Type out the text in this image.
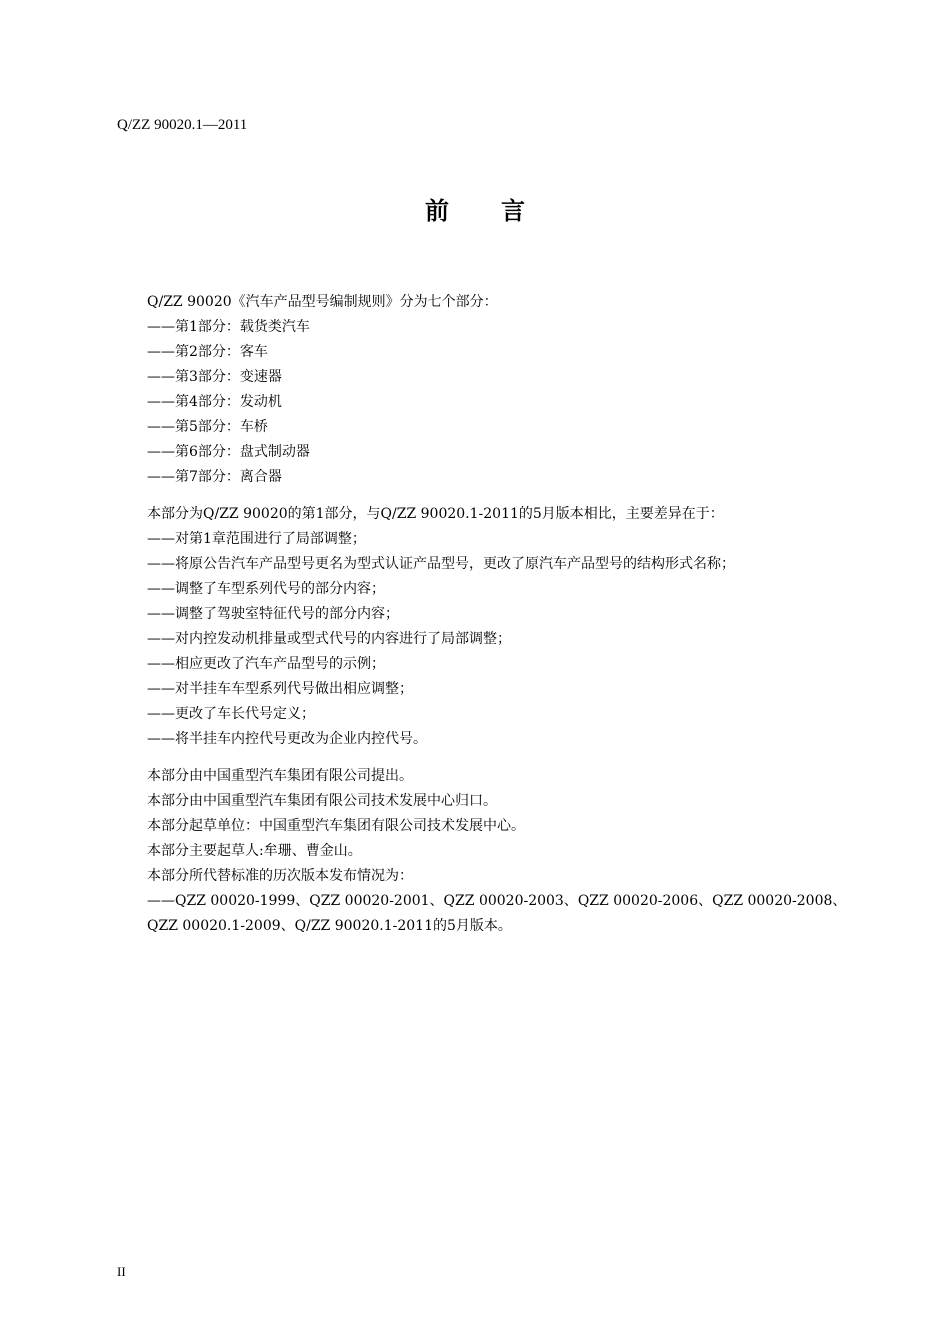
Q/ZZ 90020.1—2011
前 言
Q/ZZ 90020《汽车产品型号编制规则》分为七个部分：
——第1部分：载货类汽车
——第2部分：客车
——第3部分：变速器
——第4部分：发动机
——第5部分：车桥
——第6部分：盘式制动器
——第7部分：离合器
本部分为Q/ZZ 90020的第1部分，与Q/ZZ 90020.1-2011的5月版本相比，主要差异在于：
——对第1章范围进行了局部调整；
——将原公告汽车产品型号更名为型式认证产品型号，更改了原汽车产品型号的结构形式名称；
——调整了车型系列代号的部分内容；
——调整了驾驶室特征代号的部分内容；
——对内控发动机排量或型式代号的内容进行了局部调整；
——相应更改了汽车产品型号的示例；
——对半挂车车型系列代号做出相应调整；
——更改了车长代号定义；
——将半挂车内控代号更改为企业内控代号。
本部分由中国重型汽车集团有限公司提出。
本部分由中国重型汽车集团有限公司技术发展中心归口。
本部分起草单位：中国重型汽车集团有限公司技术发展中心。
本部分主要起草人:牟珊、曹金山。
本部分所代替标准的历次版本发布情况为：
——QZZ 00020-1999、QZZ 00020-2001、QZZ 00020-2003、QZZ 00020-2006、QZZ 00020-2008、
QZZ 00020.1-2009、Q/ZZ 90020.1-2011的5月版本。
II
